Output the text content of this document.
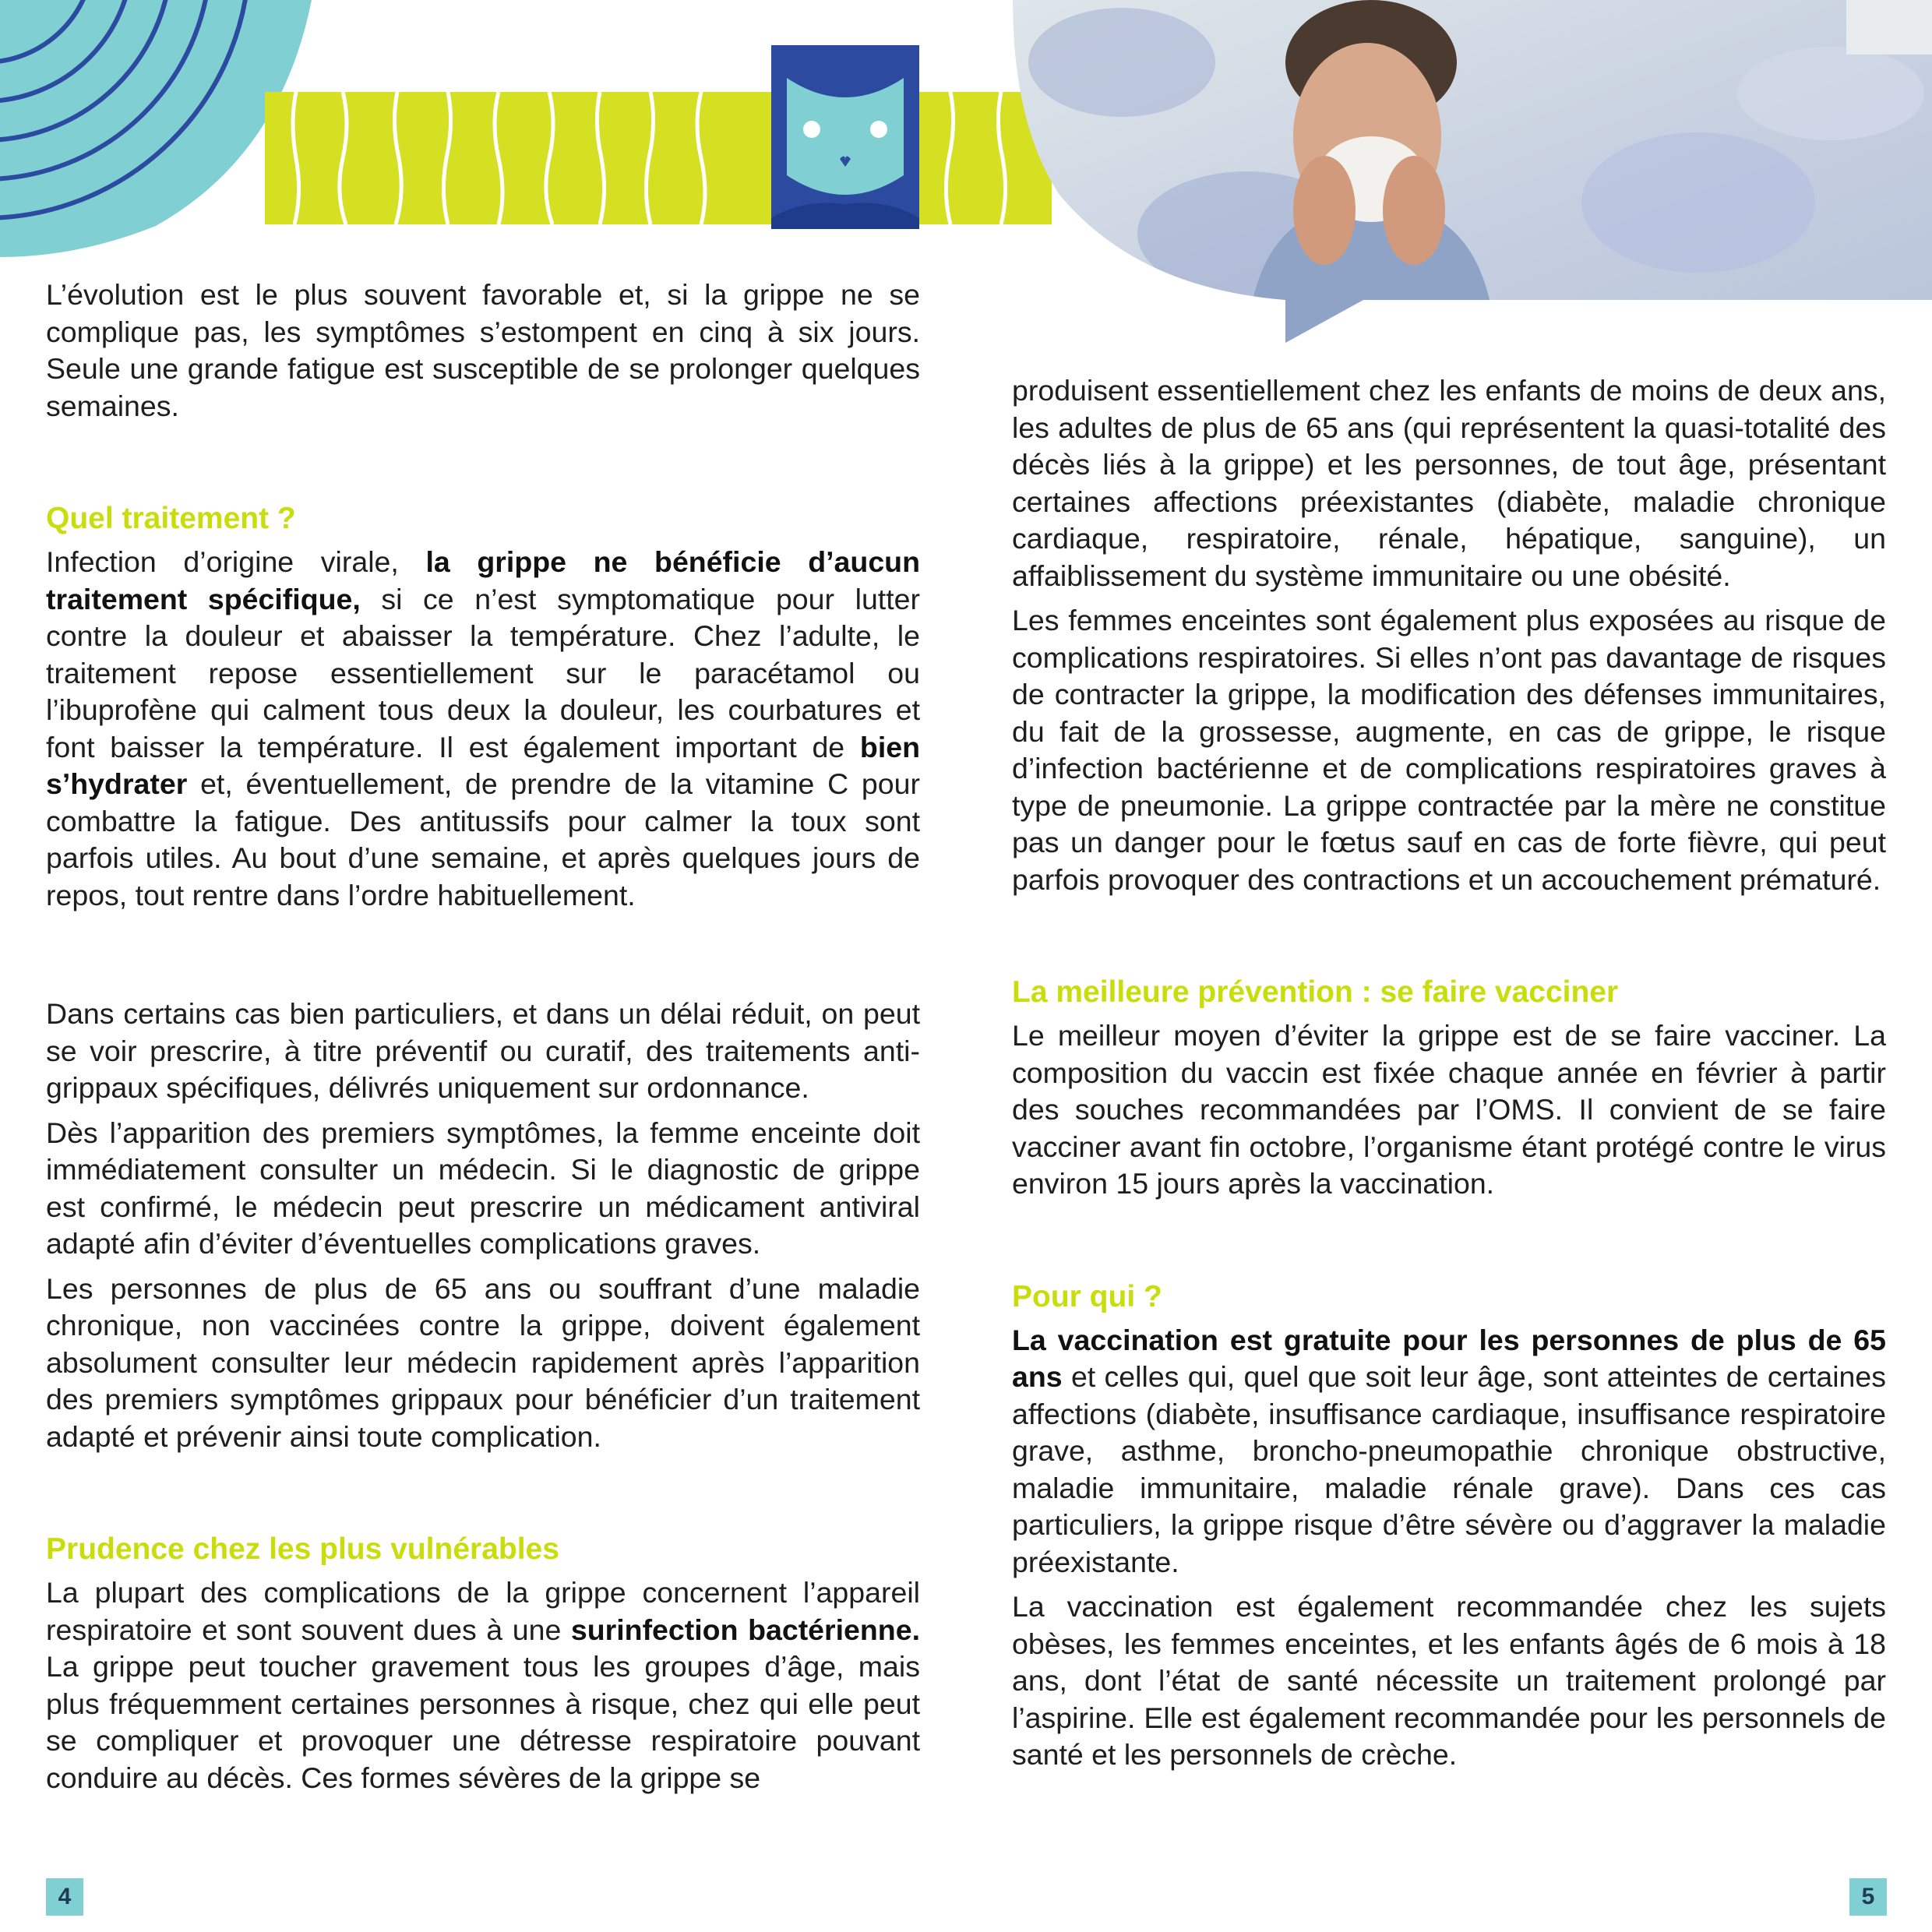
L’évolution est le plus souvent favorable et, si la grippe ne se complique pas, les symptômes s’estompent en cinq à six jours. Seule une grande fatigue est susceptible de se prolonger quelques semaines.

Quel traitement ?

Infection d’origine virale, la grippe ne bénéficie d’aucun traitement spécifique, si ce n’est symptomatique pour lutter contre la douleur et abaisser la température. Chez l’adulte, le traitement repose essentiellement sur le paracétamol ou l’ibuprofène qui calment tous deux la douleur, les courbatures et font baisser la température. Il est également important de bien s’hydrater et, éventuellement, de prendre de la vitamine C pour combattre la fatigue. Des antitussifs pour calmer la toux sont parfois utiles. Au bout d’une semaine, et après quelques jours de repos, tout rentre dans l’ordre habituellement.

Dans certains cas bien particuliers, et dans un délai réduit, on peut se voir prescrire, à titre préventif ou curatif, des traitements anti-grippaux spécifiques, délivrés uniquement sur ordonnance.

Dès l’apparition des premiers symptômes, la femme enceinte doit immédiatement consulter un médecin. Si le diagnostic de grippe est confirmé, le médecin peut prescrire un médicament antiviral adapté afin d’éviter d’éventuelles complications graves.

Les personnes de plus de 65 ans ou souffrant d’une maladie chronique, non vaccinées contre la grippe, doivent également absolument consulter leur médecin rapidement après l’apparition des premiers symptômes grippaux pour bénéficier d’un traitement adapté et prévenir ainsi toute complication.

Prudence chez les plus vulnérables

La plupart des complications de la grippe concernent l’appareil respiratoire et sont souvent dues à une surinfection bactérienne. La grippe peut toucher gravement tous les groupes d’âge, mais plus fréquemment certaines personnes à risque, chez qui elle peut se compliquer et provoquer une détresse respiratoire pouvant conduire au décès. Ces formes sévères de la grippe se

produisent essentiellement chez les enfants de moins de deux ans, les adultes de plus de 65 ans (qui représentent la quasi-totalité des décès liés à la grippe) et les personnes, de tout âge, présentant certaines affections préexistantes (diabète, maladie chronique cardiaque, respiratoire, rénale, hépatique, sanguine), un affaiblissement du système immunitaire ou une obésité.

Les femmes enceintes sont également plus exposées au risque de complications respiratoires. Si elles n’ont pas davantage de risques de contracter la grippe, la modification des défenses immunitaires, du fait de la grossesse, augmente, en cas de grippe, le risque d’infection bactérienne et de complications respiratoires graves à type de pneumonie. La grippe contractée par la mère ne constitue pas un danger pour le fœtus sauf en cas de forte fièvre, qui peut parfois provoquer des contractions et un accouchement prématuré.

La meilleure prévention : se faire vacciner

Le meilleur moyen d’éviter la grippe est de se faire vacciner. La composition du vaccin est fixée chaque année en février à partir des souches recommandées par l’OMS. Il convient de se faire vacciner avant fin octobre, l’organisme étant protégé contre le virus environ 15 jours après la vaccination.

Pour qui ?

La vaccination est gratuite pour les personnes de plus de 65 ans et celles qui, quel que soit leur âge, sont atteintes de certaines affections (diabète, insuffisance cardiaque, insuffisance respiratoire grave, asthme, broncho-pneumopathie chronique obstructive, maladie immunitaire, maladie rénale grave). Dans ces cas particuliers, la grippe risque d’être sévère ou d’aggraver la maladie préexistante.

La vaccination est également recommandée chez les sujets obèses, les femmes enceintes, et les enfants âgés de 6 mois à 18 ans, dont l’état de santé nécessite un traitement prolongé par l’aspirine. Elle est également recommandée pour les personnels de santé et les personnels de crèche.

4	5
